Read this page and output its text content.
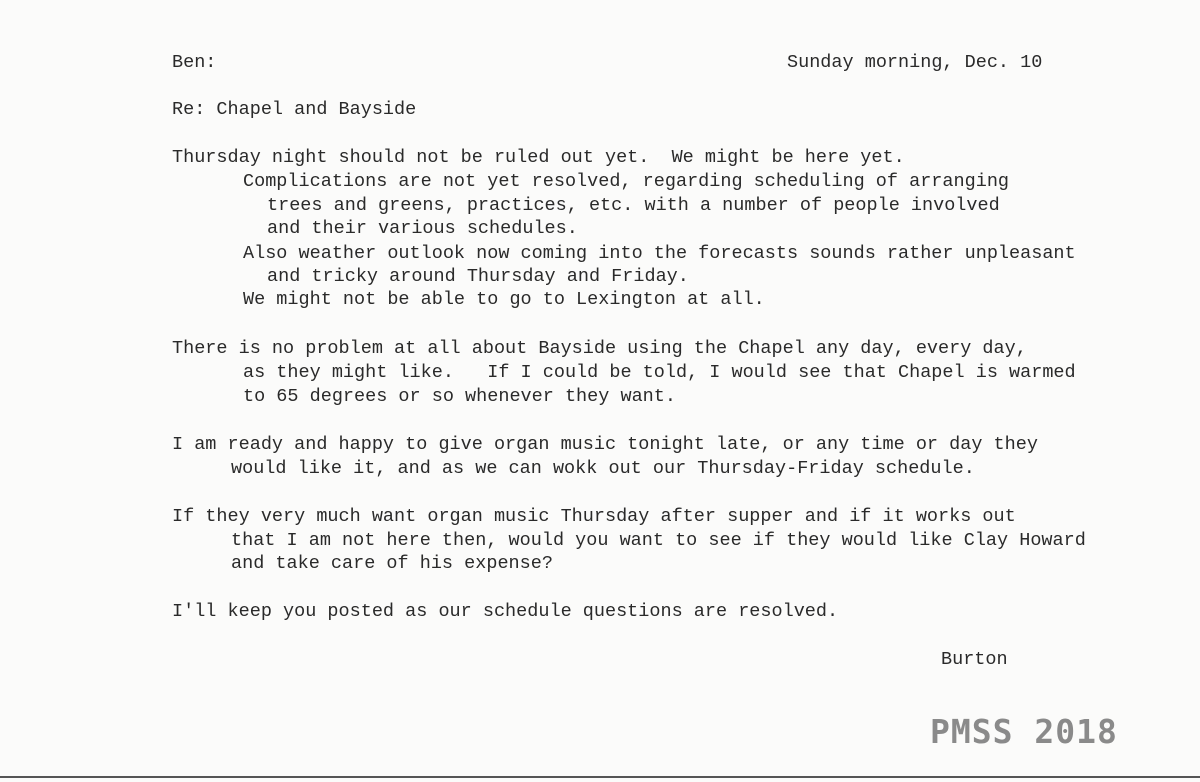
Ben:	Sunday morning, Dec. 10
Re: Chapel and Bayside
Thursday night should not be ruled out yet.  We might be here yet.
Complications are not yet resolved, regarding scheduling of arranging
trees and greens, practices, etc. with a number of people involved
and their various schedules.
Also weather outlook now coming into the forecasts sounds rather unpleasant
and tricky around Thursday and Friday.
We might not be able to go to Lexington at all.
There is no problem at all about Bayside using the Chapel any day, every day,
as they might like.   If I could be told, I would see that Chapel is warmed
to 65 degrees or so whenever they want.
I am ready and happy to give organ music tonight late, or any time or day they
would like it, and as we can wokk out our Thursday-Friday schedule.
If they very much want organ music Thursday after supper and if it works out
that I am not here then, would you want to see if they would like Clay Howard
and take care of his expense?
I'll keep you posted as our schedule questions are resolved.
Burton
PMSS 2018
